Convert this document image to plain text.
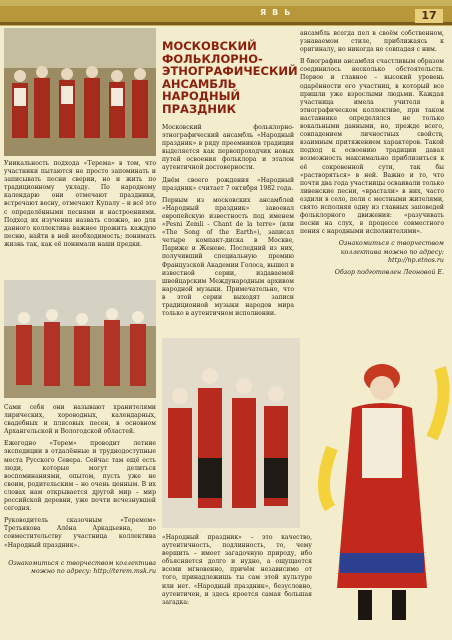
ЯВЬ	17
МОСКОВСКИЙ ФОЛЬКЛОРНО-ЭТНОГРАФИЧЕСКИЙ АНСАМБЛЬ НАРОДНЫЙ ПРАЗДНИК

Московский фольклорно-этнографический ансамбль «Народный праздник» в ряду преемников традиции выделяется как первопроходчик новых путей освоения фольклора и эталон аутентичной достоверности.

Днём своего рождения «Народный праздник» считает 7 октября 1982 года.

Первым из московских ансамблей «Народный праздник» завоевал европейскую известность под именем «Pesni Zemli - Chant de la terre» (или «The Song of the Earth»), записал четыре компакт-диска в Москве, Париже и Женеве. Последний из них, получивший специальную премию Французской Академии Голоса, вышел в известной серии, издаваемой швейцарским Международным архивом народной музыки. Примечательно, что в этой серии выходят записи традиционной музыки народов мира только в аутентичном исполнении.

ансамбль всегда пел в своём собственном, узнаваемом стиле, приближаясь к оригиналу, но никогда не совпадая с ним.

В биографии ансамбля счастливым образом соединилось несколько обстоятельств. Первое и главное – высокий уровень одарённости его участниц, в который все пришли уже взрослыми людьми. Каждая участница имела учителя в этнографическом коллективе, при таком наставнике определялся не только вокальными данными, но, прежде всего, совпадением личностных свойств, взаимным притяжением характеров. Такой подход к освоению традиции давал возможность максимально приблизиться к её сокровенной сути, так бы «растворяться» в ней. Важно и то, что почти два года участницы осваивали только ливенские песни, «врастали» в них, часто ездили в село, пели с местными жителями, свято исполняя одну из главных заповедей фольклорного движения: «разучивать песни на слух, в процессе совместного пения с народными исполнителями».

Ознакомиться с творчеством коллектива можно по адресу: http://np.etnos.ru
Обзор подготовлен Леоновой Е.

Уникальность подхода «Терема» в том, что участники пытаются не просто запоминать и записывать песни сверии, но и жить по традиционному укладу. По народному календарю они отмечают праздники, встречают весну, отмечают Купалу – и всё это с определёнными песнями и настроениями. Подход их изучения назвать сложно, но для данного коллектива важнее прожить каждую песню, найти в ней необходимость; понимать жизнь так, как её понимали наши предки.

Сами себя они называют хранителями лирических, хороводных, календарных, свадебных и плясовых песен, в основном Архангельской и Вологодской областей.

Ежегодно «Терем» проводит летние экспедиции в отдалённые и труднодоступные места Русского Севера. Сейчас там ещё есть люди, которые могут делиться воспоминаниями, опытом, пусть уже не своим, родительским – но очень ценным. В их словах нам открывается другой мир – мир российской деревни, уже почти исчезнувшей сегодня.

Руководитель сказочным «Теремом» Третьякова Алёна Аркадьевна, по совместительству участница коллектива «Народный праздник».

Ознакомиться с творчеством коллектива можно по адресу: http://terem.msk.ru

«Народный праздник» – это качество, аутентичность, подлинность, то, чему вершить – имеет загадочную природу, ибо объясняется долго и нудно, а ощущается всеми мгновенно, причём независимо от того, принадлежишь ты сам этой культуре или нет. «Народный праздник», безусловно, аутентичен, и здесь кроется самая большая загадка:
